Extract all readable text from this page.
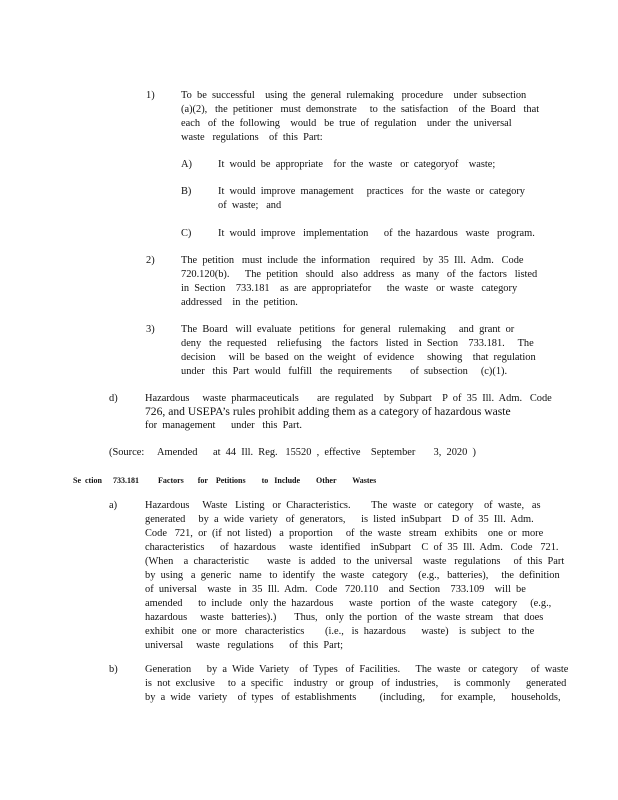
1)	To  be  successful    using  the  general  rulemaking   procedure    under  subsection
(a)(2),   the  petitioner   must  demonstrate     to  the  satisfaction    of  the  Board   that
each   of  the  following    would   be  true  of  regulation    under  the  universal
waste   regulations    of  this  Part:
A)	It  would  be  appropriate    for  the  waste   or  categoryof    waste;
B)	It  would  improve  management     practices   for  the  waste  or  category
of  waste;   and
C)	It  would  improve   implementation      of  the  hazardous   waste   program.
2)	The  petition   must  include  the  information    required   by  35  Ill.  Adm.   Code
720.120(b).      The  petition   should   also  address   as  many   of  the  factors   listed
in  Section    733.181    as  are  appropriatefor      the  waste   or  waste   category
addressed    in  the  petition.
3)	The  Board   will  evaluate   petitions   for  general   rulemaking     and  grant  or
deny   the  requested    reliefusing    the  factors   listed  in  Section    733.181.     The
decision     will  be  based  on  the  weight   of  evidence     showing    that  regulation
under   this  Part  would   fulfill   the  requirements       of  subsection     (c)(1).
d)	Hazardous     waste  pharmaceuticals       are  regulated    by  Subpart    P  of  35  Ill.  Adm.   Code
726, and USEPA’s rules prohibit adding them as a category of hazardous waste
for  management      under   this  Part.
(Source: Amended      at  44  Ill.  Reg.   15520  ,  effective    September       3,  2020  )
Se  ction 733.181 Factors       for    Petitions        to   Include        Other        Wastes
a)	Hazardous     Waste   Listing   or  Characteristics.        The  waste   or  category    of  waste,   as
generated     by  a  wide  variety   of  generators,      is  listed  inSubpart    D  of  35  Ill.  Adm.
Code   721,  or  (if  not  listed)   a  proportion     of  the  waste   stream   exhibits    one  or  more
characteristics      of  hazardous     waste   identified    inSubpart    C  of  35  Ill.  Adm.   Code   721.
(When    a  characteristic       waste   is  added   to  the  universal    waste   regulations     of  this  Part
by  using   a  generic   name   to  identify   the  waste   category    (e.g.,   batteries),     the  definition
of  universal    waste   in  35  Ill.  Adm.   Code   720.110    and  Section    733.109    will  be
amended      to  include   only  the  hazardous      waste   portion   of  the  waste   category     (e.g.,
hazardous     waste   batteries).)       Thus,   only  the  portion   of  the  waste  stream    that  does
exhibit   one  or  more   characteristics        (i.e.,   is  hazardous      waste)    is  subject   to  the
universal     waste   regulations      of  this  Part;
b)	Generation      by  a  Wide  Variety    of  Types   of  Facilities.      The  waste   or  category     of  waste
is  not  exclusive     to  a  specific    industry   or  group   of  industries,      is  commonly      generated
by  a  wide   variety    of  types   of  establishments         (including,      for  example,      households,
